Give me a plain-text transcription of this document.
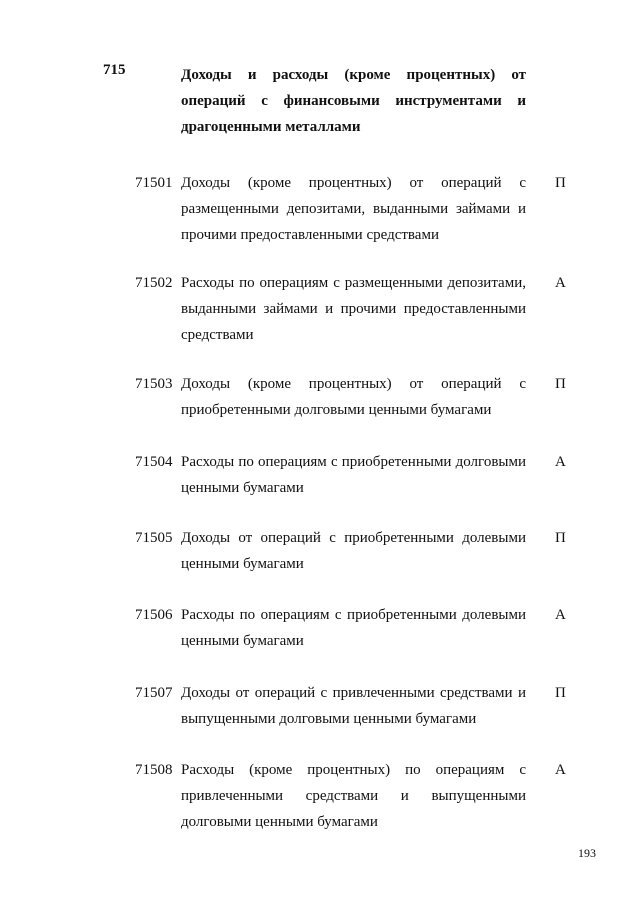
715	Доходы и расходы (кроме процентных) от операций с финансовыми инструментами и драгоценными металлами
71501 Доходы (кроме процентных) от операций с размещенными депозитами, выданными займами и прочими предоставленными средствами
П
71502 Расходы по операциям с размещенными депозитами, выданными займами и прочими предоставленными средствами
А
71503 Доходы (кроме процентных) от операций с приобретенными долговыми ценными бумагами
П
71504 Расходы по операциям с приобретенными долговыми ценными бумагами
А
71505 Доходы от операций с приобретенными долевыми ценными бумагами
П
71506 Расходы по операциям с приобретенными долевыми ценными бумагами
А
71507 Доходы от операций с привлеченными средствами и выпущенными долговыми ценными бумагами
П
71508 Расходы (кроме процентных) по операциям с привлеченными средствами и выпущенными долговыми ценными бумагами
А
193
